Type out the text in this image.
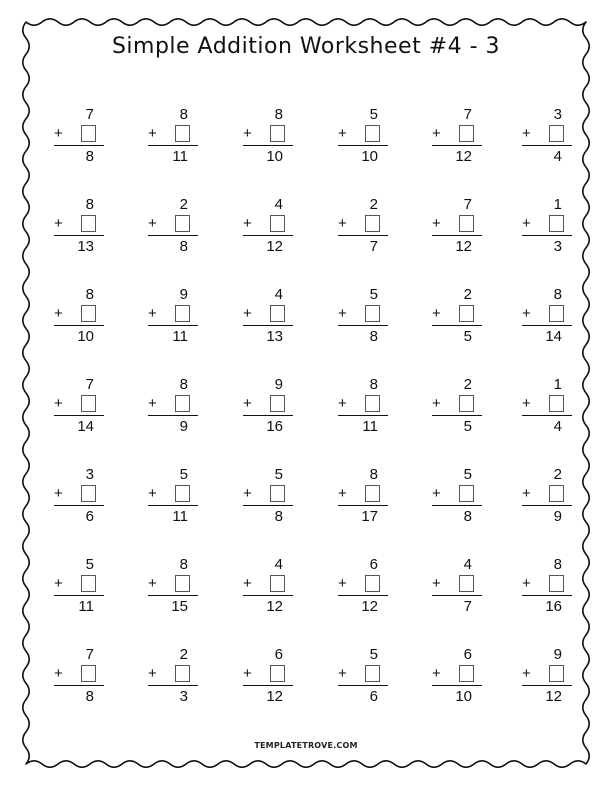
Simple Addition Worksheet #4 - 3
7
+
8
8
+
11
8
+
10
5
+
10
7
+
12
3
+
4
8
+
13
2
+
8
4
+
12
2
+
7
7
+
12
1
+
3
8
+
10
9
+
11
4
+
13
5
+
8
2
+
5
8
+
14
7
+
14
8
+
9
9
+
16
8
+
11
2
+
5
1
+
4
3
+
6
5
+
11
5
+
8
8
+
17
5
+
8
2
+
9
5
+
11
8
+
15
4
+
12
6
+
12
4
+
7
8
+
16
7
+
8
2
+
3
6
+
12
5
+
6
6
+
10
9
+
12
TEMPLATETROVE.COM
